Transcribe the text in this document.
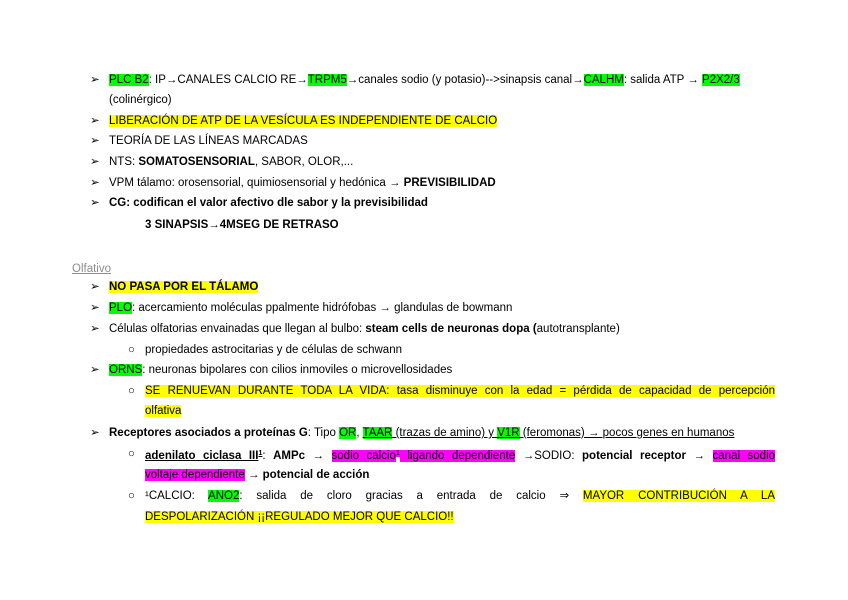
➢ PLC B2: IP→CANALES CALCIO RE→TRPM5→canales sodio (y potasio)-->sinapsis canal→CALHM: salida ATP → P2X2/3
(colinérgico)
➢ LIBERACIÓN DE ATP DE LA VESÍCULA ES INDEPENDIENTE DE CALCIO
➢ TEORÍA DE LAS LÍNEAS MARCADAS
➢ NTS: SOMATOSENSORIAL, SABOR, OLOR,...
➢ VPM tálamo: orosensorial, quimiosensorial y hedónica → PREVISIBILIDAD
➢ CG: codifican el valor afectivo dle sabor y la previsibilidad
3 SINAPSIS→4MSEG DE RETRASO
Olfativo
➢ NO PASA POR EL TÁLAMO
➢ PLO: acercamiento moléculas ppalmente hidrófobas → glandulas de bowmann
➢ Células olfatorias envainadas que llegan al bulbo: steam cells de neuronas dopa (autotransplante)
○ propiedades astrocitarias y de células de schwann
➢ ORNS: neuronas bipolares con cilios inmoviles o microvellosidades
○ SE RENUEVAN DURANTE TODA LA VIDA: tasa disminuye con la edad = pérdida de capacidad de percepción
olfativa
➢ Receptores asociados a proteínas G: Tipo OR, TAAR (trazas de amino) y V1R (feromonas) → pocos genes en humanos
○ adenilato ciclasa III$^1$: AMPc → sodio calcio$^1$ ligando dependiente →SODIO: potencial receptor → canal sodio
voltaje dependiente → potencial de acción
○ ¹CALCIO: ANO2: salida de cloro gracias a entrada de calcio ⇒ MAYOR CONTRIBUCIÓN A LA
DESPOLARIZACIÓN ¡¡REGULADO MEJOR QUE CALCIO!!
